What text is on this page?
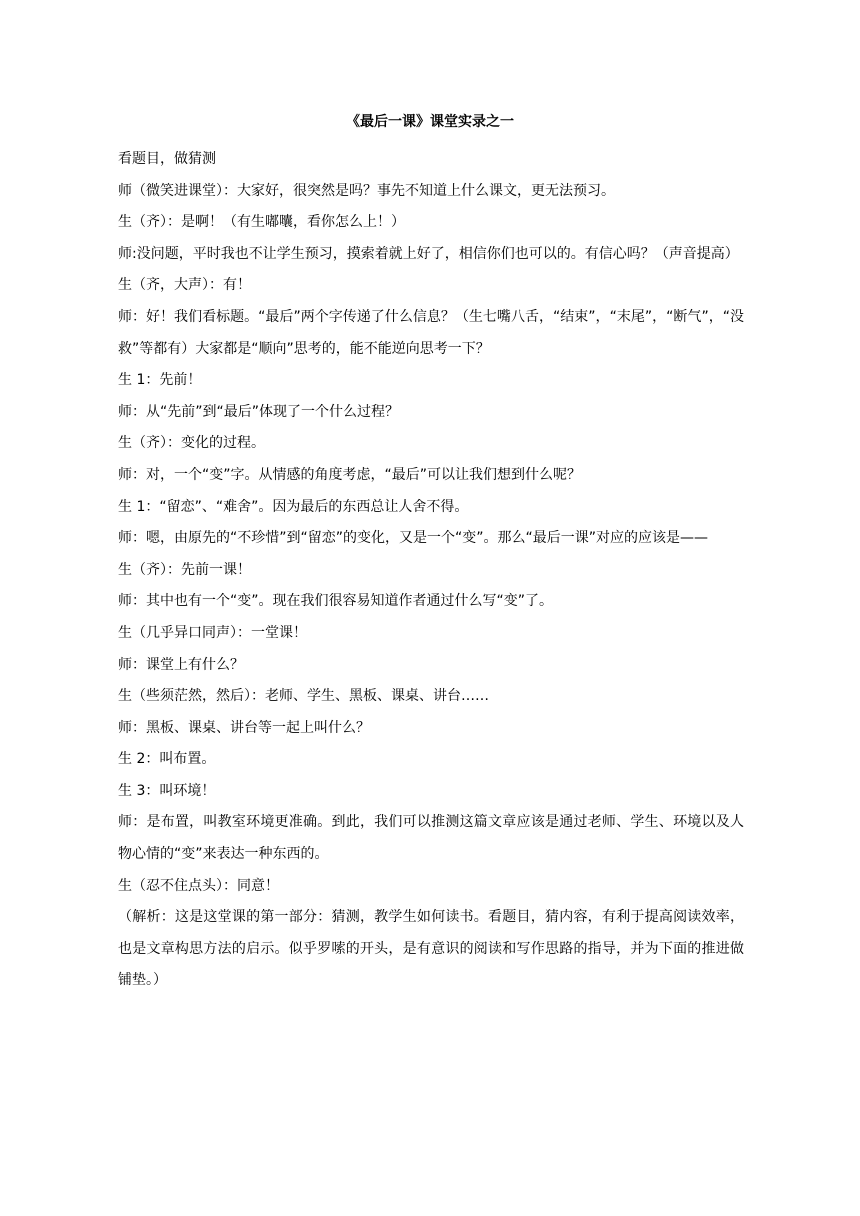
《最后一课》课堂实录之一

看题目，做猜测

师（微笑进课堂）：大家好，很突然是吗？事先不知道上什么课文，更无法预习。

生（齐）：是啊！（有生嘟囔，看你怎么上！）

师:没问题，平时我也不让学生预习，摸索着就上好了，相信你们也可以的。有信心吗？（声音提高）

生（齐，大声）：有！

师：好！我们看标题。“最后”两个字传递了什么信息？（生七嘴八舌，“结束”，“末尾”，“断气”，“没救”等都有）大家都是“顺向”思考的，能不能逆向思考一下？

生 1：先前！

师：从“先前”到“最后”体现了一个什么过程？

生（齐）：变化的过程。

师：对，一个“变”字。从情感的角度考虑，“最后”可以让我们想到什么呢？

生 1：“留恋”、“难舍”。因为最后的东西总让人舍不得。

师：嗯，由原先的“不珍惜”到“留恋”的变化，又是一个“变”。那么“最后一课”对应的应该是——

生（齐）：先前一课！

师：其中也有一个“变”。现在我们很容易知道作者通过什么写“变”了。

生（几乎异口同声）：一堂课！

师：课堂上有什么？

生（些须茫然，然后）：老师、学生、黑板、课桌、讲台……

师：黑板、课桌、讲台等一起上叫什么？

生 2：叫布置。

生 3：叫环境！

师：是布置，叫教室环境更准确。到此，我们可以推测这篇文章应该是通过老师、学生、环境以及人物心情的“变”来表达一种东西的。

生（忍不住点头）：同意！

（解析：这是这堂课的第一部分：猜测，教学生如何读书。看题目，猜内容，有利于提高阅读效率，也是文章构思方法的启示。似乎罗嗦的开头，是有意识的阅读和写作思路的指导，并为下面的推进做铺垫。）
